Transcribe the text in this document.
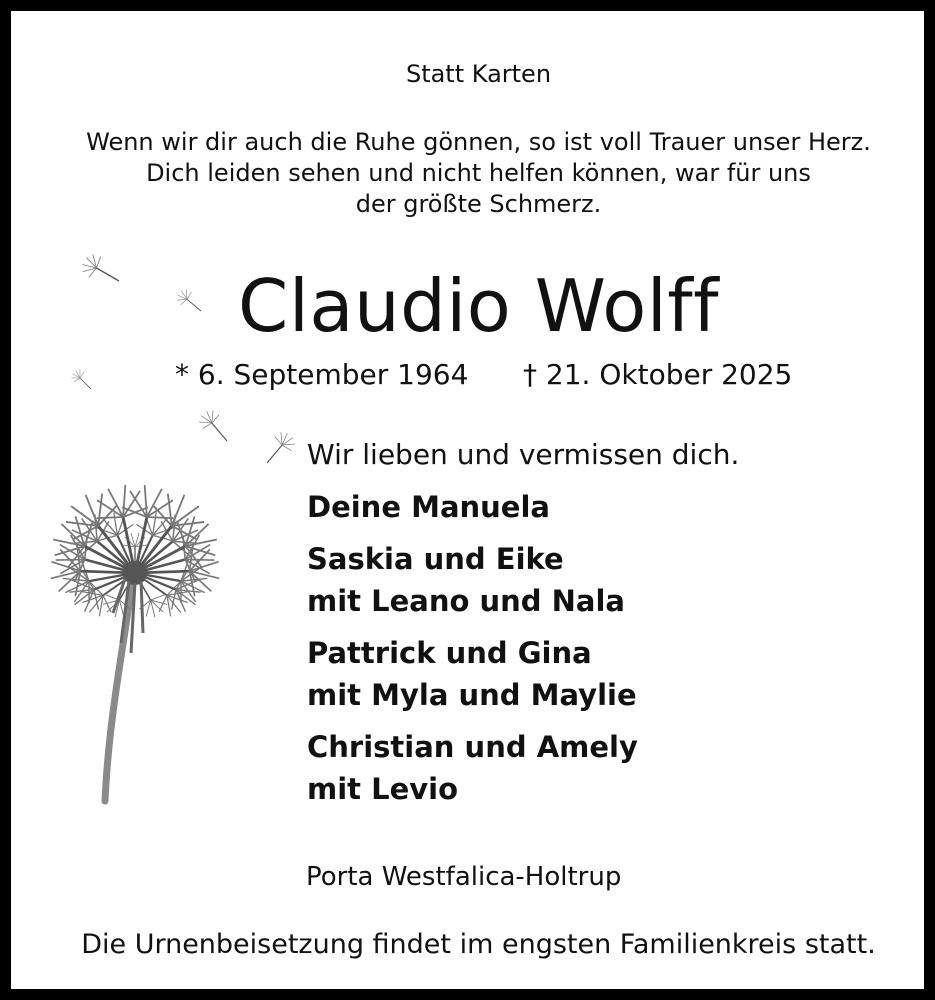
Statt Karten
Wenn wir dir auch die Ruhe gönnen, so ist voll Trauer unser Herz.
Dich leiden sehen und nicht helfen können, war für uns
der größte Schmerz.
Claudio Wolff
* 6. September 1964 † 21. Oktober 2025
Wir lieben und vermissen dich.
Deine Manuela
Saskia und Eike
mit Leano und Nala
Pattrick und Gina
mit Myla und Maylie
Christian und Amely
mit Levio
Porta Westfalica-Holtrup
Die Urnenbeisetzung findet im engsten Familienkreis statt.
